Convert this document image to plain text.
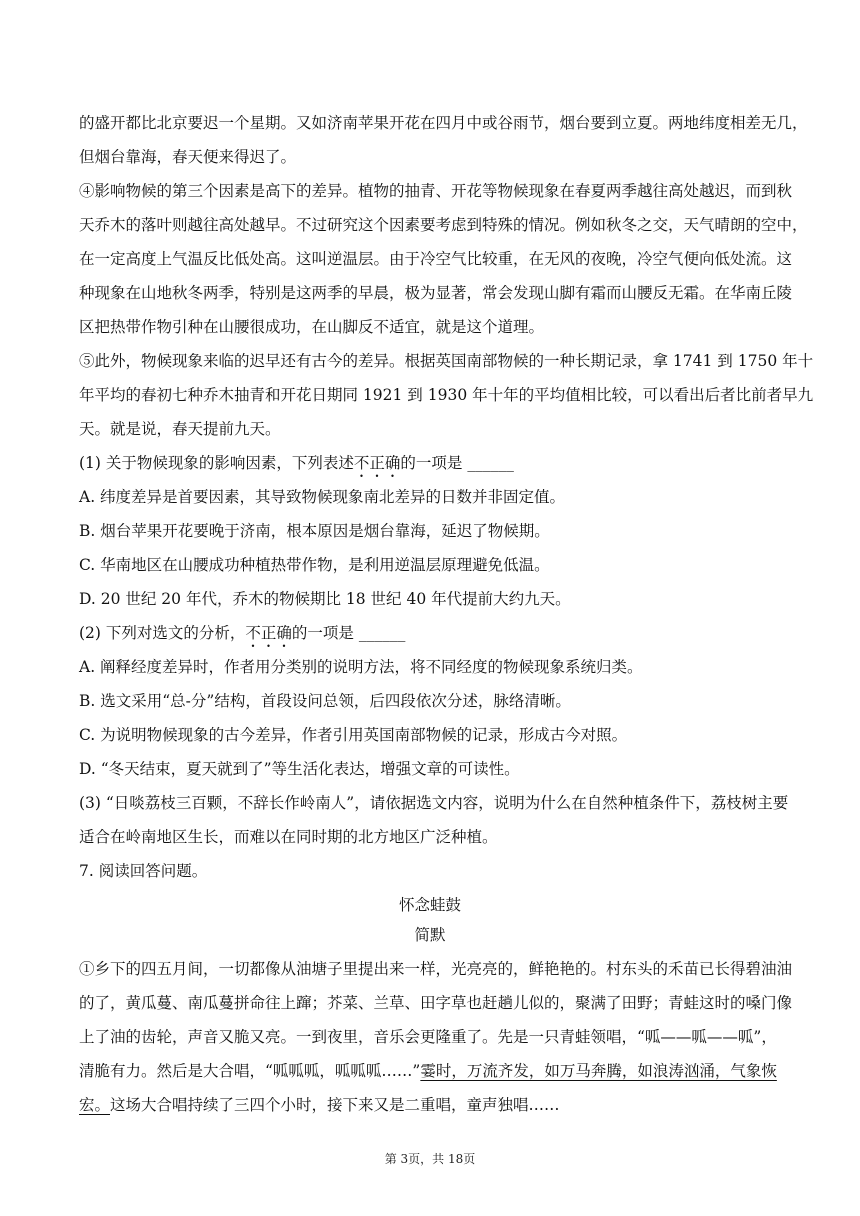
的盛开都比北京要迟一个星期。又如济南苹果开花在四月中或谷雨节，烟台要到立夏。两地纬度相差无几，
但烟台靠海，春天便来得迟了。
④影响物候的第三个因素是高下的差异。植物的抽青、开花等物候现象在春夏两季越往高处越迟，而到秋
天乔木的落叶则越往高处越早。不过研究这个因素要考虑到特殊的情况。例如秋冬之交，天气晴朗的空中，
在一定高度上气温反比低处高。这叫逆温层。由于冷空气比较重，在无风的夜晚，冷空气便向低处流。这
种现象在山地秋冬两季，特别是这两季的早晨，极为显著，常会发现山脚有霜而山腰反无霜。在华南丘陵
区把热带作物引种在山腰很成功，在山脚反不适宜，就是这个道理。
⑤此外，物候现象来临的迟早还有古今的差异。根据英国南部物候的一种长期记录，拿 1741 到 1750 年十
年平均的春初七种乔木抽青和开花日期同 1921 到 1930 年十年的平均值相比较，可以看出后者比前者早九
天。就是说，春天提前九天。
(1) 关于物候现象的影响因素，下列表述不正确的一项是 ______
A. 纬度差异是首要因素，其导致物候现象南北差异的日数并非固定值。
B. 烟台苹果开花要晚于济南，根本原因是烟台靠海，延迟了物候期。
C. 华南地区在山腰成功种植热带作物，是利用逆温层原理避免低温。
D. 20 世纪 20 年代，乔木的物候期比 18 世纪 40 年代提前大约九天。
(2) 下列对选文的分析，不正确的一项是 ______
A. 阐释经度差异时，作者用分类别的说明方法，将不同经度的物候现象系统归类。
B. 选文采用“总-分”结构，首段设问总领，后四段依次分述，脉络清晰。
C. 为说明物候现象的古今差异，作者引用英国南部物候的记录，形成古今对照。
D. “冬天结束，夏天就到了”等生活化表达，增强文章的可读性。
(3) “日啖荔枝三百颗，不辞长作岭南人”，请依据选文内容，说明为什么在自然种植条件下，荔枝树主要
适合在岭南地区生长，而难以在同时期的北方地区广泛种植。
7. 阅读回答问题。
怀念蛙鼓
简默
①乡下的四五月间，一切都像从油塘子里提出来一样，光亮亮的，鲜艳艳的。村东头的禾苗已长得碧油油
的了，黄瓜蔓、南瓜蔓拼命往上蹿；芥菜、兰草、田字草也赶趟儿似的，聚满了田野；青蛙这时的嗓门像
上了油的齿轮，声音又脆又亮。一到夜里，音乐会更隆重了。先是一只青蛙领唱，“呱——呱——呱”，
清脆有力。然后是大合唱，“呱呱呱，呱呱呱……”霎时，万流齐发，如万马奔腾，如浪涛汹涌，气象恢
宏。这场大合唱持续了三四个小时，接下来又是二重唱，童声独唱……
第 3页，共 18页
